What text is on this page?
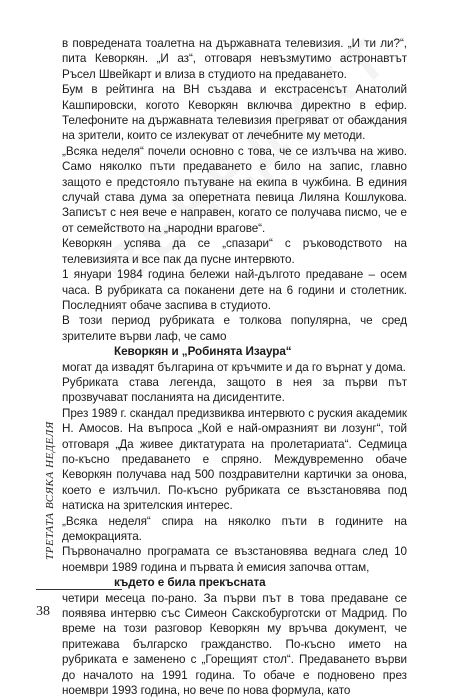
в повредената тоалетна на държавната телевизия. „И ти ли?“, пита Кеворкян. „И аз“, отговаря невъзмутимо астронавтът Ръсел Швейкарт и влиза в студиото на предаването.

Бум в рейтинга на ВН създава и екстрасенсът Анатолий Кашпировски, когото Кеворкян включва директно в ефир. Телефоните на държавната телевизия прегряват от обаждания на зрители, които се излекуват от лечебните му методи.

„Всяка неделя“ почели основно с това, че се излъчва на живо. Само няколко пъти предаването е било на запис, главно защото е предстояло пътуване на екипа в чужбина. В единия случай става дума за оперетната певица Лиляна Кошлукова. Записът с нея вече е направен, когато се получава писмо, че е от семейството на „народни врагове“.

Кеворкян успява да се „спазари“ с ръководството на телевизията и все пак да пусне интервюто.

1 януари 1984 година бележи най-дългото предаване – осем часа. В рубриката са поканени дете на 6 години и столетник. Последният обаче заспива в студиото.

В този период рубриката е толкова популярна, че сред зрителите върви лаф, че само

Кеворкян и „Робинята Изаура“

могат да извадят българина от кръчмите и да го върнат у дома.

Рубриката става легенда, защото в нея за първи път прозвучават посланията на дисидентите.

През 1989 г. скандал предизвиква интервюто с руския академик Н. Амосов. На въпроса „Кой е най-омразният ви лозунг“, той отговаря „Да живее диктатурата на пролетариата“. Седмица по-късно предаването е спряно. Междувременно обаче Кеворкян получава над 500 поздравителни картички за онова, което е излъчил. По-късно рубриката се възстановява под натиска на зрителския интерес.

„Всяка неделя“ спира на няколко пъти в годините на демокрацията.

Първоначално програмата се възстановява веднага след 10 ноември 1989 година и първата ѝ емисия започва оттам,

където е била прекъсната

четири месеца по-рано. За първи път в това предаване се появява интервю със Симеон Сакскобурготски от Мадрид. По време на този разговор Кеворкян му връчва документ, че притежава българско гражданство. По-късно името на рубриката е заменено с „Горещият стол“. Предаването върви до началото на 1991 година. То обаче е подновено през ноември 1993 година, но вече по нова формула, като

ТРЕТАТА ВСЯКА НЕДЕЛЯ
38
